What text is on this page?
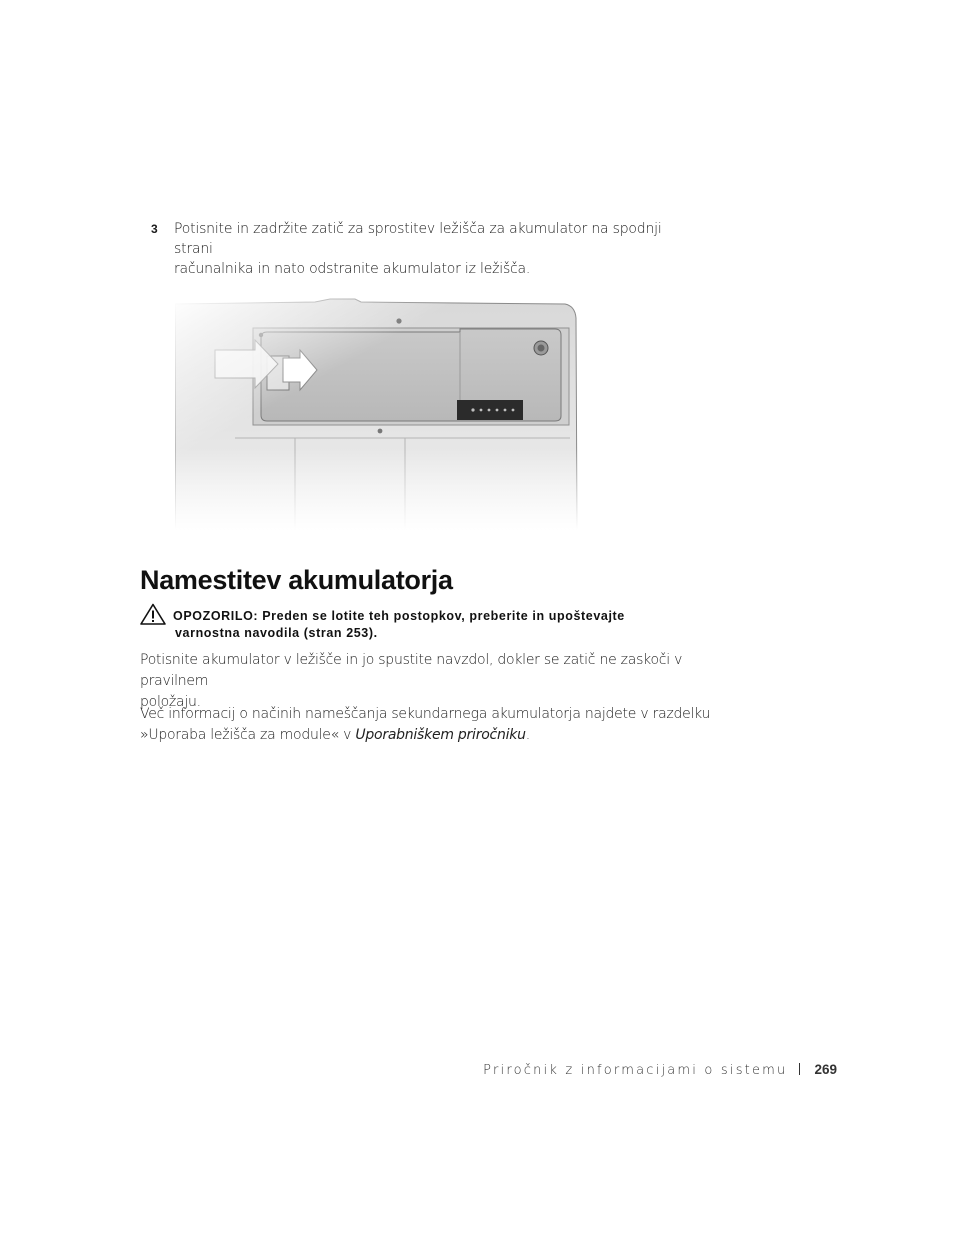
3 Potisnite in zadržite zatič za sprostitev ležišča za akumulator na spodnji strani
računalnika in nato odstranite akumulator iz ležišča.
Namestitev akumulatorja
OPOZORILO: Preden se lotite teh postopkov, preberite in upoštevajte
varnostna navodila (stran 253).
Potisnite akumulator v ležišče in jo spustite navzdol, dokler se zatič ne zaskoči v pravilnem
položaju.
Več informacij o načinih nameščanja sekundarnega akumulatorja najdete v razdelku
»Uporaba ležišča za module« v Uporabniškem priročniku.
Priročnik z informacijami o sistemu 269
